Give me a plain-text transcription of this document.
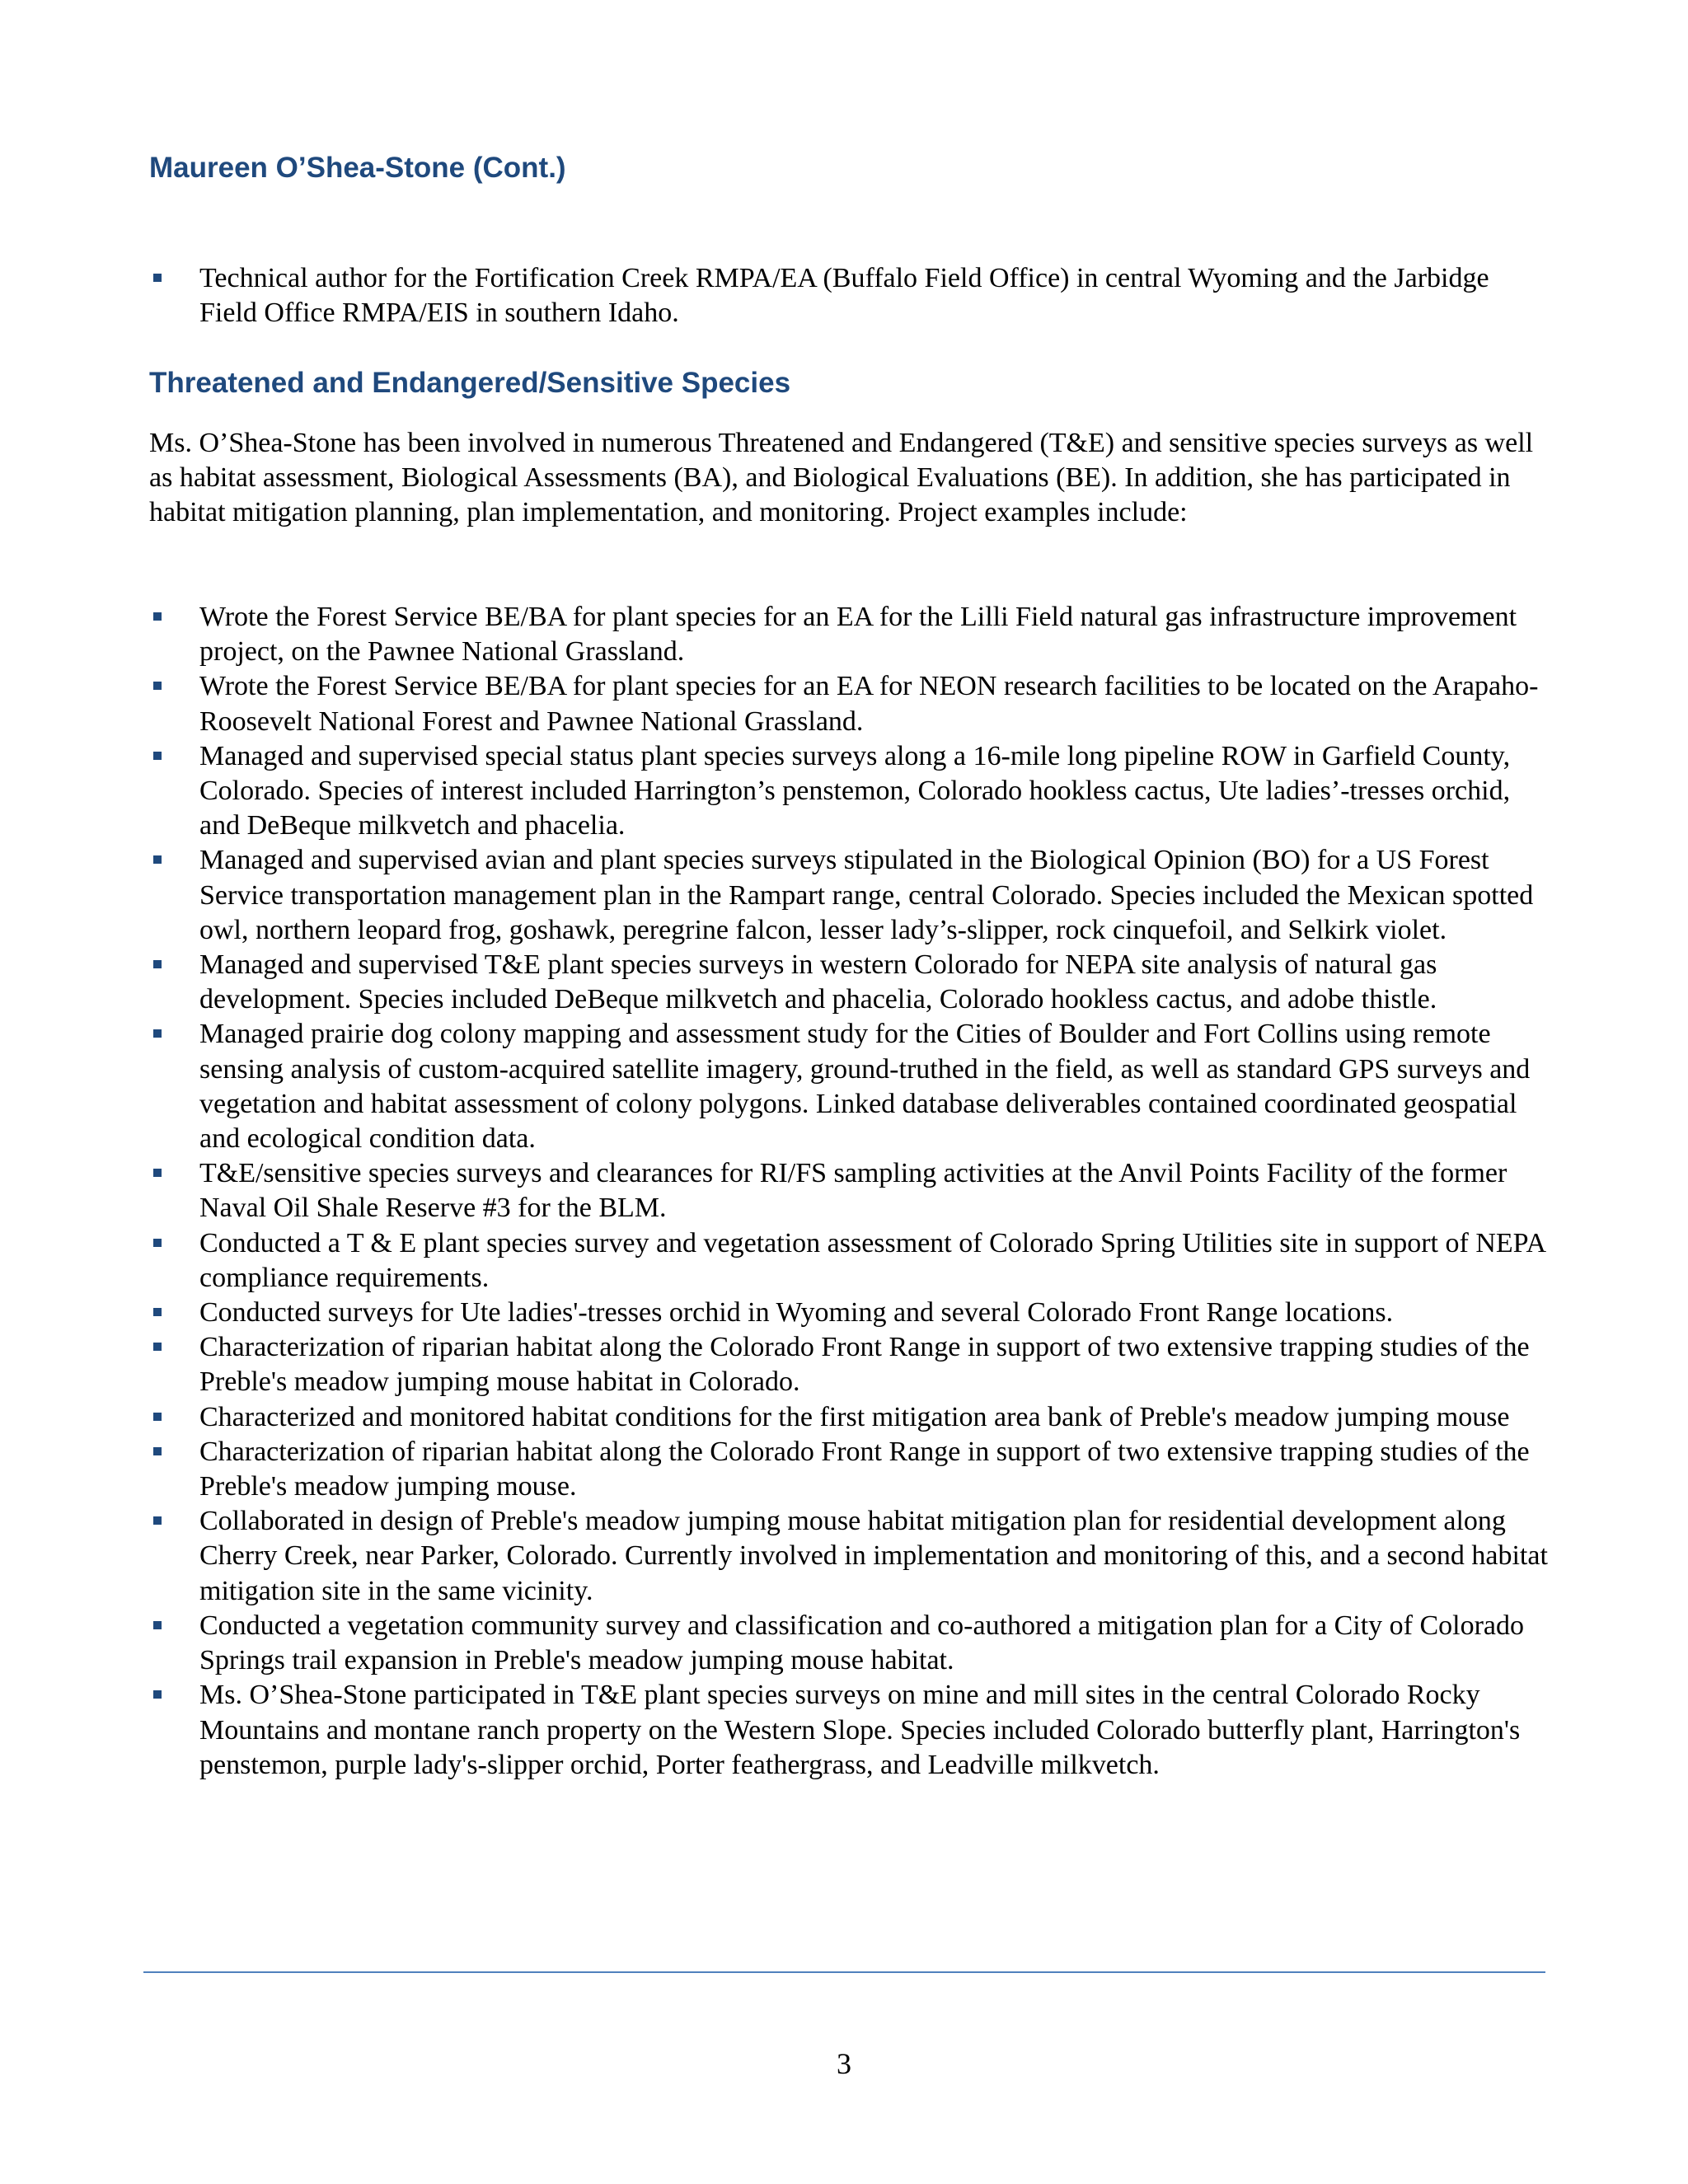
Maureen O’Shea-Stone (Cont.)
Technical author for the Fortification Creek RMPA/EA (Buffalo Field Office) in central Wyoming and the Jarbidge Field Office RMPA/EIS in southern Idaho.
Threatened and Endangered/Sensitive Species

Ms. O’Shea-Stone has been involved in numerous Threatened and Endangered (T&E) and sensitive species surveys as well as habitat assessment, Biological Assessments (BA), and Biological Evaluations (BE). In addition, she has participated in habitat mitigation planning, plan implementation, and monitoring. Project examples include:

Wrote the Forest Service BE/BA for plant species for an EA for the Lilli Field natural gas infrastructure improvement project, on the Pawnee National Grassland.
Wrote the Forest Service BE/BA for plant species for an EA for NEON research facilities to be located on the Arapaho-Roosevelt National Forest and Pawnee National Grassland.
Managed and supervised special status plant species surveys along a 16-mile long pipeline ROW in Garfield County, Colorado. Species of interest included Harrington’s penstemon, Colorado hookless cactus, Ute ladies’-tresses orchid, and DeBeque milkvetch and phacelia.
Managed and supervised avian and plant species surveys stipulated in the Biological Opinion (BO) for a US Forest Service transportation management plan in the Rampart range, central Colorado. Species included the Mexican spotted owl, northern leopard frog, goshawk, peregrine falcon, lesser lady’s-slipper, rock cinquefoil, and Selkirk violet.
Managed and supervised T&E plant species surveys in western Colorado for NEPA site analysis of natural gas development. Species included DeBeque milkvetch and phacelia, Colorado hookless cactus, and adobe thistle.
Managed prairie dog colony mapping and assessment study for the Cities of Boulder and Fort Collins using remote sensing analysis of custom-acquired satellite imagery, ground-truthed in the field, as well as standard GPS surveys and vegetation and habitat assessment of colony polygons. Linked database deliverables contained coordinated geospatial and ecological condition data.
T&E/sensitive species surveys and clearances for RI/FS sampling activities at the Anvil Points Facility of the former Naval Oil Shale Reserve #3 for the BLM.
Conducted a T & E plant species survey and vegetation assessment of Colorado Spring Utilities site in support of NEPA compliance requirements.
Conducted surveys for Ute ladies'-tresses orchid in Wyoming and several Colorado Front Range locations.
Characterization of riparian habitat along the Colorado Front Range in support of two extensive trapping studies of the Preble's meadow jumping mouse habitat in Colorado.
Characterized and monitored habitat conditions for the first mitigation area bank of Preble's meadow jumping mouse
Characterization of riparian habitat along the Colorado Front Range in support of two extensive trapping studies of the Preble's meadow jumping mouse.
Collaborated in design of Preble's meadow jumping mouse habitat mitigation plan for residential development along Cherry Creek, near Parker, Colorado. Currently involved in implementation and monitoring of this, and a second habitat mitigation site in the same vicinity.
Conducted a vegetation community survey and classification and co-authored a mitigation plan for a City of Colorado Springs trail expansion in Preble's meadow jumping mouse habitat.
Ms. O’Shea-Stone participated in T&E plant species surveys on mine and mill sites in the central Colorado Rocky Mountains and montane ranch property on the Western Slope. Species included Colorado butterfly plant, Harrington's penstemon, purple lady's-slipper orchid, Porter feathergrass, and Leadville milkvetch.
3
